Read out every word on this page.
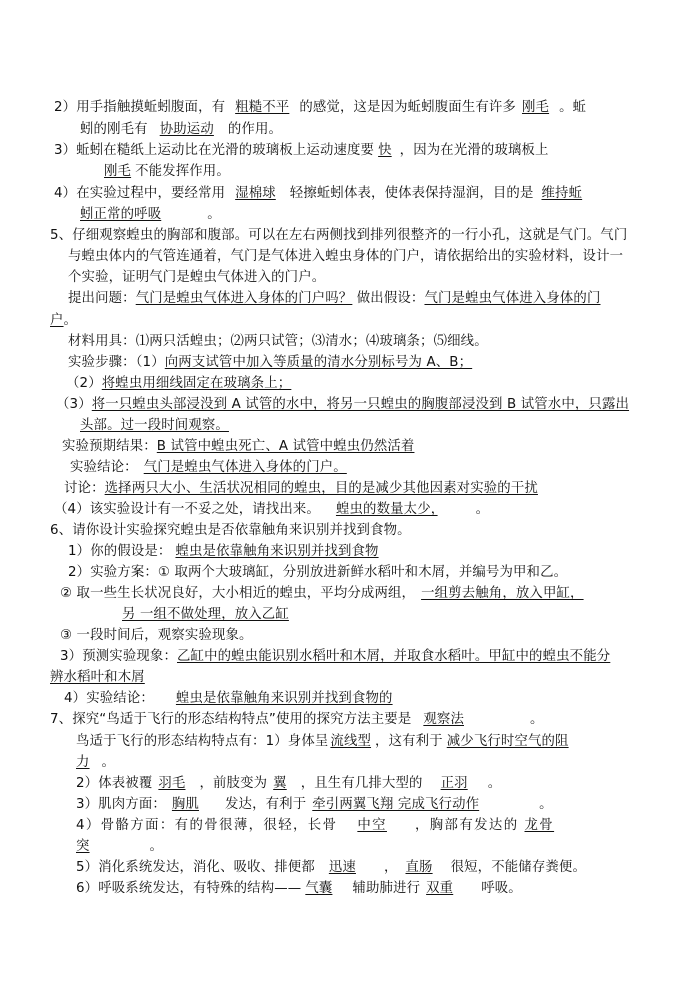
2）用手指触摸蚯蚓腹面，有 粗糙不平 的感觉，这是因为蚯蚓腹面生有许多 刚毛 。蚯
蚓的刚毛有 协助运动 的作用。
3）蚯蚓在糙纸上运动比在光滑的玻璃板上运动速度要 快 ，因为在光滑的玻璃板上
刚毛 不能发挥作用。
4）在实验过程中，要经常用 湿棉球 轻擦蚯蚓体表，使体表保持湿润，目的是 维持蚯
蚓正常的呼吸	。
5、仔细观察蝗虫的胸部和腹部。可以在左右两侧找到排列很整齐的一行小孔，这就是气门。气门
与蝗虫体内的气管连通着，气门是气体进入蝗虫身体的门户，请依据给出的实验材料，设计一
个实验，证明气门是蝗虫气体进入的门户。
提出问题：气门是蝗虫气体进入身体的门户吗？ 做出假设：气门是蝗虫气体进入身体的门
户。
材料用具：⑴两只活蝗虫；⑵两只试管；⑶清水；⑷玻璃条；⑸细线。
实验步骤：（1）向两支试管中加入等质量的清水分别标号为 A、B；
（2）将蝗虫用细线固定在玻璃条上；
（3）将一只蝗虫头部浸没到 A 试管的水中，将另一只蝗虫的胸腹部浸没到 B 试管水中，只露出
头部。过一段时间观察。
实验预期结果：B 试管中蝗虫死亡、A 试管中蝗虫仍然活着
实验结论： 气门是蝗虫气体进入身体的门户。
讨论：选择两只大小、生活状况相同的蝗虫，目的是减少其他因素对实验的干扰
（4）该实验设计有一不妥之处，请找出来。 蝗虫的数量太少，	。
6、请你设计实验探究蝗虫是否依靠触角来识别并找到食物。
1）你的假设是： 蝗虫是依靠触角来识别并找到食物
2）实验方案：① 取两个大玻璃缸，分别放进新鲜水稻叶和木屑，并编号为甲和乙。
② 取一些生长状况良好，大小相近的蝗虫，平均分成两组， 一组剪去触角，放入甲缸，
另 一组不做处理，放入乙缸
③ 一段时间后，观察实验现象。
3）预测实验现象：乙缸中的蝗虫能识别水稻叶和木屑，并取食水稻叶。甲缸中的蝗虫不能分
辨水稻叶和木屑
4）实验结论： 蝗虫是依靠触角来识别并找到食物的
7、探究“鸟适于飞行的形态结构特点”使用的探究方法主要是 观察法	。
鸟适于飞行的形态结构特点有：1）身体呈 流线型 ，这有利于 减少飞行时空气的阻
力 。
2）体表被覆 羽毛 ，前肢变为 翼 ，且生有几排大型的 正羽 。
3）肌肉方面： 胸肌 发达，有利于 牵引两翼飞翔 完成飞行动作	。
4）骨骼方面：有的骨很薄，很轻，长骨 中空 ，胸部有发达的 龙骨
突	。
5）消化系统发达，消化、吸收、排便都 迅速 ， 直肠 很短，不能储存粪便。
6）呼吸系统发达，有特殊的结构—— 气囊 辅助肺进行 双重 呼吸。
